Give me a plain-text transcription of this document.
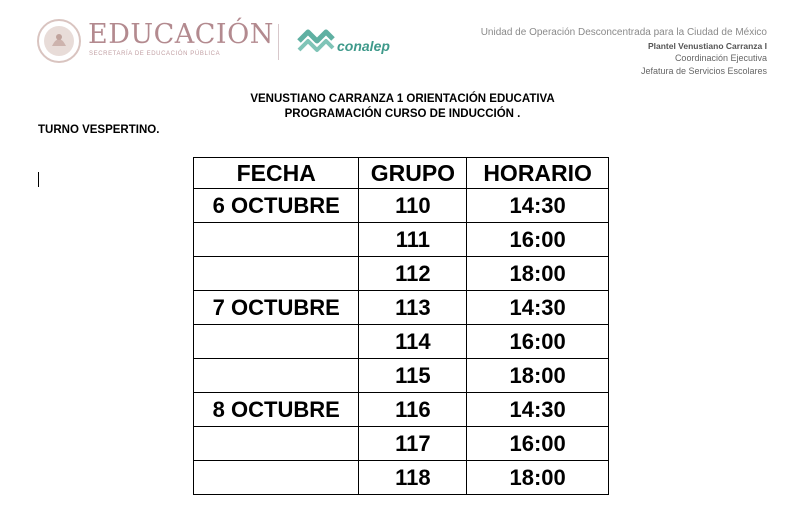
EDUCACIÓN
SECRETARÍA DE EDUCACIÓN PÚBLICA	conalep
Unidad de Operación Desconcentrada para la Ciudad de México
Plantel Venustiano Carranza I
Coordinación Ejecutiva
Jefatura de Servicios Escolares
VENUSTIANO CARRANZA 1 ORIENTACIÓN EDUCATIVA
PROGRAMACIÓN CURSO DE INDUCCIÓN .
TURNO VESPERTINO.
FECHA	GRUPO	HORARIO
6 OCTUBRE	110	14:30
	111	16:00
	112	18:00
7 OCTUBRE	113	14:30
	114	16:00
	115	18:00
8 OCTUBRE	116	14:30
	117	16:00
	118	18:00
